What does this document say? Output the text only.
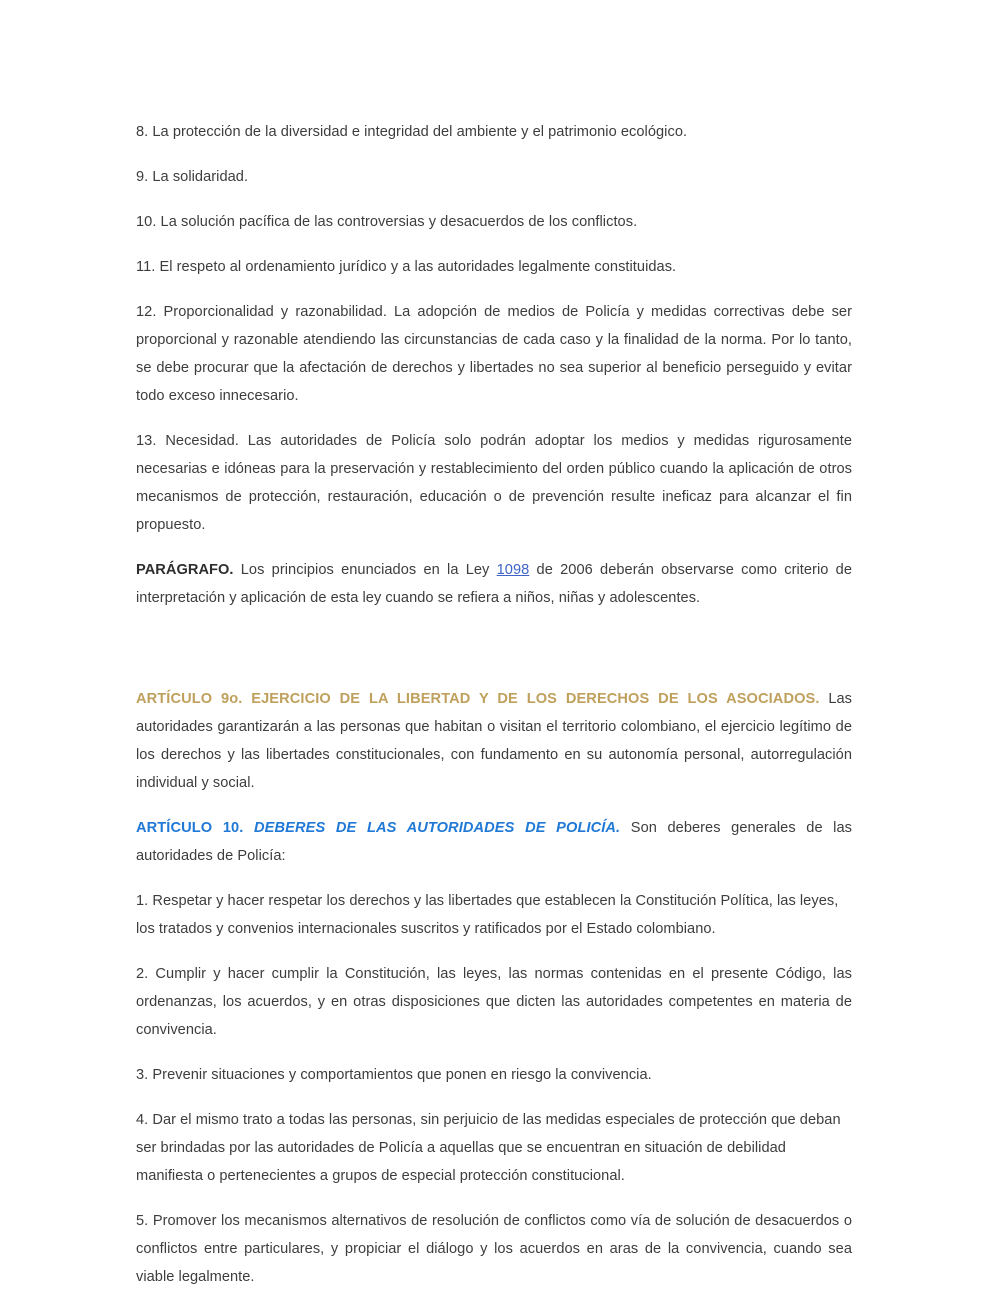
8. La protección de la diversidad e integridad del ambiente y el patrimonio ecológico.

9. La solidaridad.

10. La solución pacífica de las controversias y desacuerdos de los conflictos.

11. El respeto al ordenamiento jurídico y a las autoridades legalmente constituidas.

12. Proporcionalidad y razonabilidad. La adopción de medios de Policía y medidas correctivas debe ser proporcional y razonable atendiendo las circunstancias de cada caso y la finalidad de la norma. Por lo tanto, se debe procurar que la afectación de derechos y libertades no sea superior al beneficio perseguido y evitar todo exceso innecesario.

13. Necesidad. Las autoridades de Policía solo podrán adoptar los medios y medidas rigurosamente necesarias e idóneas para la preservación y restablecimiento del orden público cuando la aplicación de otros mecanismos de protección, restauración, educación o de prevención resulte ineficaz para alcanzar el fin propuesto.

PARÁGRAFO. Los principios enunciados en la Ley 1098 de 2006 deberán observarse como criterio de interpretación y aplicación de esta ley cuando se refiera a niños, niñas y adolescentes.

ARTÍCULO 9o. EJERCICIO DE LA LIBERTAD Y DE LOS DERECHOS DE LOS ASOCIADOS. Las autoridades garantizarán a las personas que habitan o visitan el territorio colombiano, el ejercicio legítimo de los derechos y las libertades constitucionales, con fundamento en su autonomía personal, autorregulación individual y social.

ARTÍCULO 10. DEBERES DE LAS AUTORIDADES DE POLICÍA. Son deberes generales de las autoridades de Policía:

1. Respetar y hacer respetar los derechos y las libertades que establecen la Constitución Política, las leyes, los tratados y convenios internacionales suscritos y ratificados por el Estado colombiano.

2. Cumplir y hacer cumplir la Constitución, las leyes, las normas contenidas en el presente Código, las ordenanzas, los acuerdos, y en otras disposiciones que dicten las autoridades competentes en materia de convivencia.

3. Prevenir situaciones y comportamientos que ponen en riesgo la convivencia.

4. Dar el mismo trato a todas las personas, sin perjuicio de las medidas especiales de protección que deban ser brindadas por las autoridades de Policía a aquellas que se encuentran en situación de debilidad manifiesta o pertenecientes a grupos de especial protección constitucional.

5. Promover los mecanismos alternativos de resolución de conflictos como vía de solución de desacuerdos o conflictos entre particulares, y propiciar el diálogo y los acuerdos en aras de la convivencia, cuando sea viable legalmente.
